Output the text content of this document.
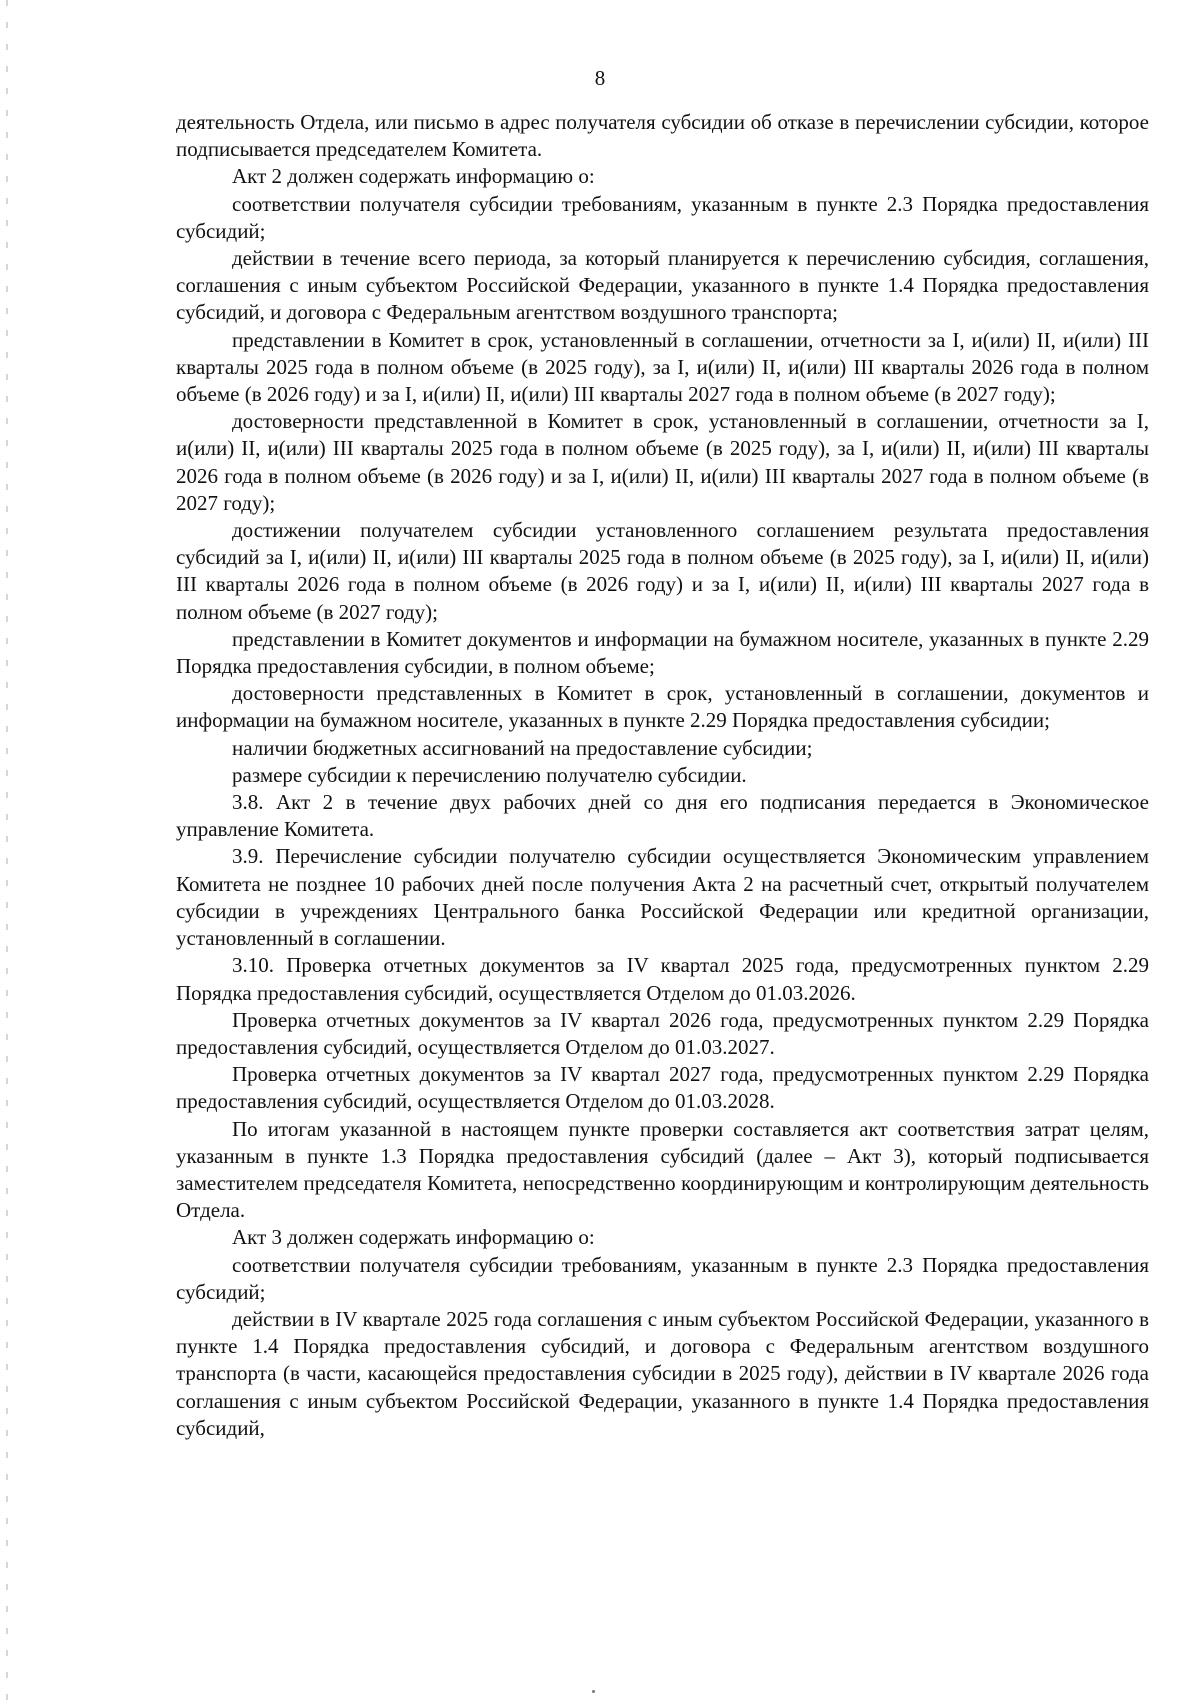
8

деятельность Отдела, или письмо в адрес получателя субсидии об отказе в перечислении субсидии, которое подписывается председателем Комитета.

Акт 2 должен содержать информацию о:

соответствии получателя субсидии требованиям, указанным в пункте 2.3 Порядка предоставления субсидий;

действии в течение всего периода, за который планируется к перечислению субсидия, соглашения, соглашения с иным субъектом Российской Федерации, указанного в пункте 1.4 Порядка предоставления субсидий, и договора с Федеральным агентством воздушного транспорта;

представлении в Комитет в срок, установленный в соглашении, отчетности за I, и(или) II, и(или) III кварталы 2025 года в полном объеме (в 2025 году), за I, и(или) II, и(или) III кварталы 2026 года в полном объеме (в 2026 году) и за I, и(или) II, и(или) III кварталы 2027 года в полном объеме (в 2027 году);

достоверности представленной в Комитет в срок, установленный в соглашении, отчетности за I, и(или) II, и(или) III кварталы 2025 года в полном объеме (в 2025 году), за I, и(или) II, и(или) III кварталы 2026 года в полном объеме (в 2026 году) и за I, и(или) II, и(или) III кварталы 2027 года в полном объеме (в 2027 году);

достижении получателем субсидии установленного соглашением результата предоставления субсидий за I, и(или) II, и(или) III кварталы 2025 года в полном объеме (в 2025 году), за I, и(или) II, и(или) III кварталы 2026 года в полном объеме (в 2026 году) и за I, и(или) II, и(или) III кварталы 2027 года в полном объеме (в 2027 году);

представлении в Комитет документов и информации на бумажном носителе, указанных в пункте 2.29 Порядка предоставления субсидии, в полном объеме;

достоверности представленных в Комитет в срок, установленный в соглашении, документов и информации на бумажном носителе, указанных в пункте 2.29 Порядка предоставления субсидии;

наличии бюджетных ассигнований на предоставление субсидии;

размере субсидии к перечислению получателю субсидии.

3.8. Акт 2 в течение двух рабочих дней со дня его подписания передается в Экономическое управление Комитета.

3.9. Перечисление субсидии получателю субсидии осуществляется Экономическим управлением Комитета не позднее 10 рабочих дней после получения Акта 2 на расчетный счет, открытый получателем субсидии в учреждениях Центрального банка Российской Федерации или кредитной организации, установленный в соглашении.

3.10. Проверка отчетных документов за IV квартал 2025 года, предусмотренных пунктом 2.29 Порядка предоставления субсидий, осуществляется Отделом до 01.03.2026.

Проверка отчетных документов за IV квартал 2026 года, предусмотренных пунктом 2.29 Порядка предоставления субсидий, осуществляется Отделом до 01.03.2027.

Проверка отчетных документов за IV квартал 2027 года, предусмотренных пунктом 2.29 Порядка предоставления субсидий, осуществляется Отделом до 01.03.2028.

По итогам указанной в настоящем пункте проверки составляется акт соответствия затрат целям, указанным в пункте 1.3 Порядка предоставления субсидий (далее – Акт 3), который подписывается заместителем председателя Комитета, непосредственно координирующим и контролирующим деятельность Отдела.

Акт 3 должен содержать информацию о:

соответствии получателя субсидии требованиям, указанным в пункте 2.3 Порядка предоставления субсидий;

действии в IV квартале 2025 года соглашения с иным субъектом Российской Федерации, указанного в пункте 1.4 Порядка предоставления субсидий, и договора с Федеральным агентством воздушного транспорта (в части, касающейся предоставления субсидии в 2025 году), действии в IV квартале 2026 года соглашения с иным субъектом Российской Федерации, указанного в пункте 1.4 Порядка предоставления субсидий,
